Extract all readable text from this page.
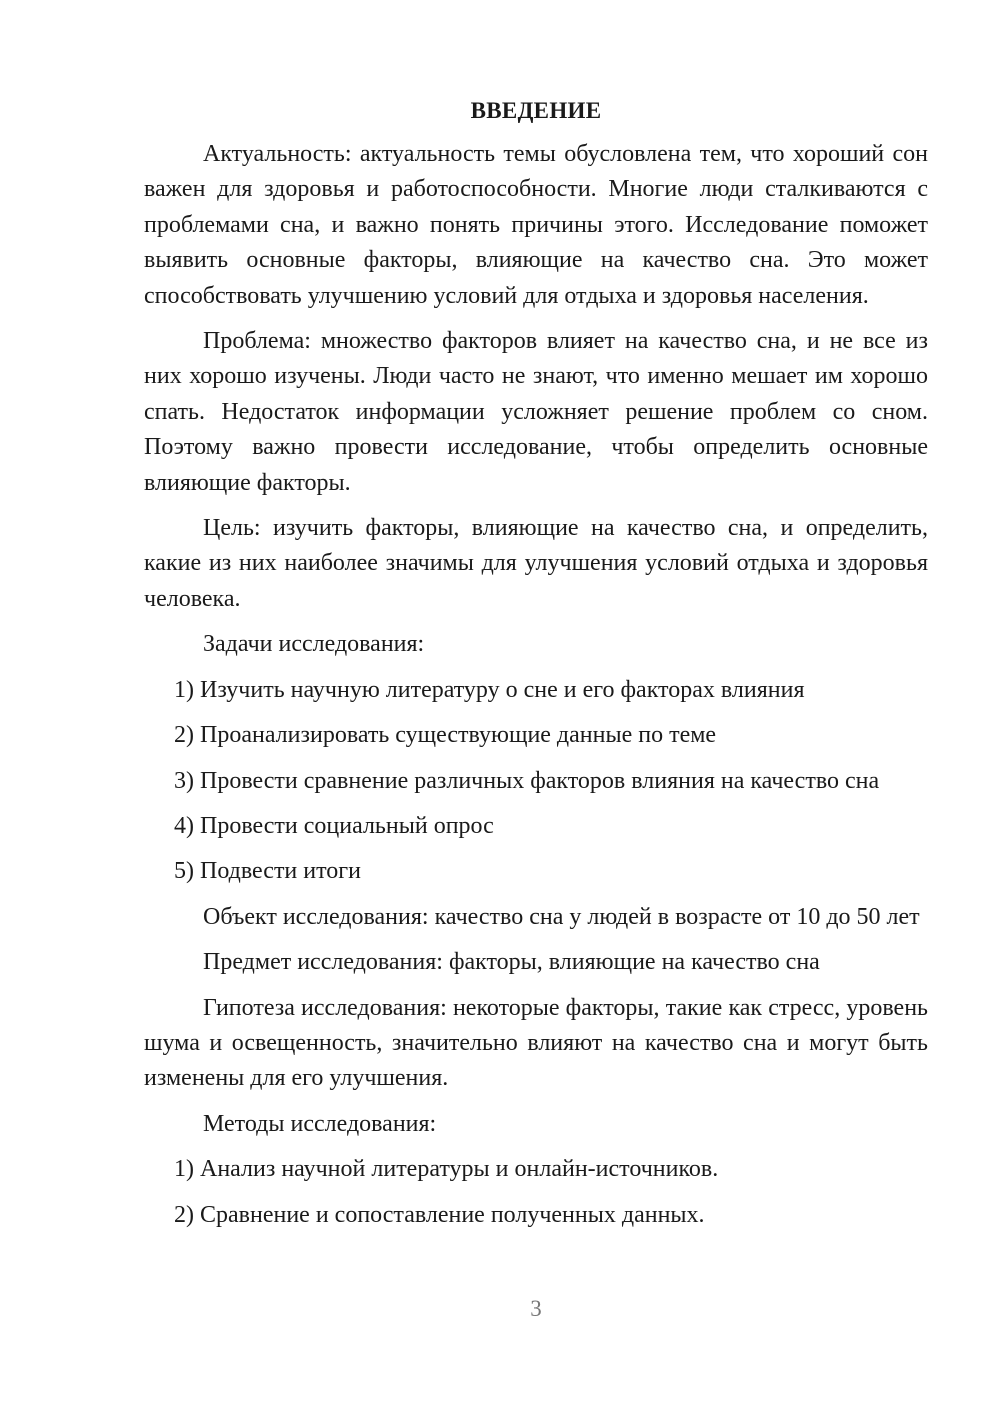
ВВЕДЕНИЕ

Актуальность: актуальность темы обусловлена тем, что хороший сон важен для здоровья и работоспособности. Многие люди сталкиваются с проблемами сна, и важно понять причины этого. Исследование поможет выявить основные факторы, влияющие на качество сна. Это может способствовать улучшению условий для отдыха и здоровья населения.

Проблема: множество факторов влияет на качество сна, и не все из них хорошо изучены. Люди часто не знают, что именно мешает им хорошо спать. Недостаток информации усложняет решение проблем со сном. Поэтому важно провести исследование, чтобы определить основные влияющие факторы.

Цель: изучить факторы, влияющие на качество сна, и определить, какие из них наиболее значимы для улучшения условий отдыха и здоровья человека.

Задачи исследования:

1) Изучить научную литературу о сне и его факторах влияния
2) Проанализировать существующие данные по теме
3) Провести сравнение различных факторов влияния на качество сна
4) Провести социальный опрос
5) Подвести итоги

Объект исследования: качество сна у людей в возрасте от 10 до 50 лет

Предмет исследования: факторы, влияющие на качество сна

Гипотеза исследования: некоторые факторы, такие как стресс, уровень шума и освещенность, значительно влияют на качество сна и могут быть изменены для его улучшения.

Методы исследования:

1) Анализ научной литературы и онлайн-источников.
2) Сравнение и сопоставление полученных данных.
3
